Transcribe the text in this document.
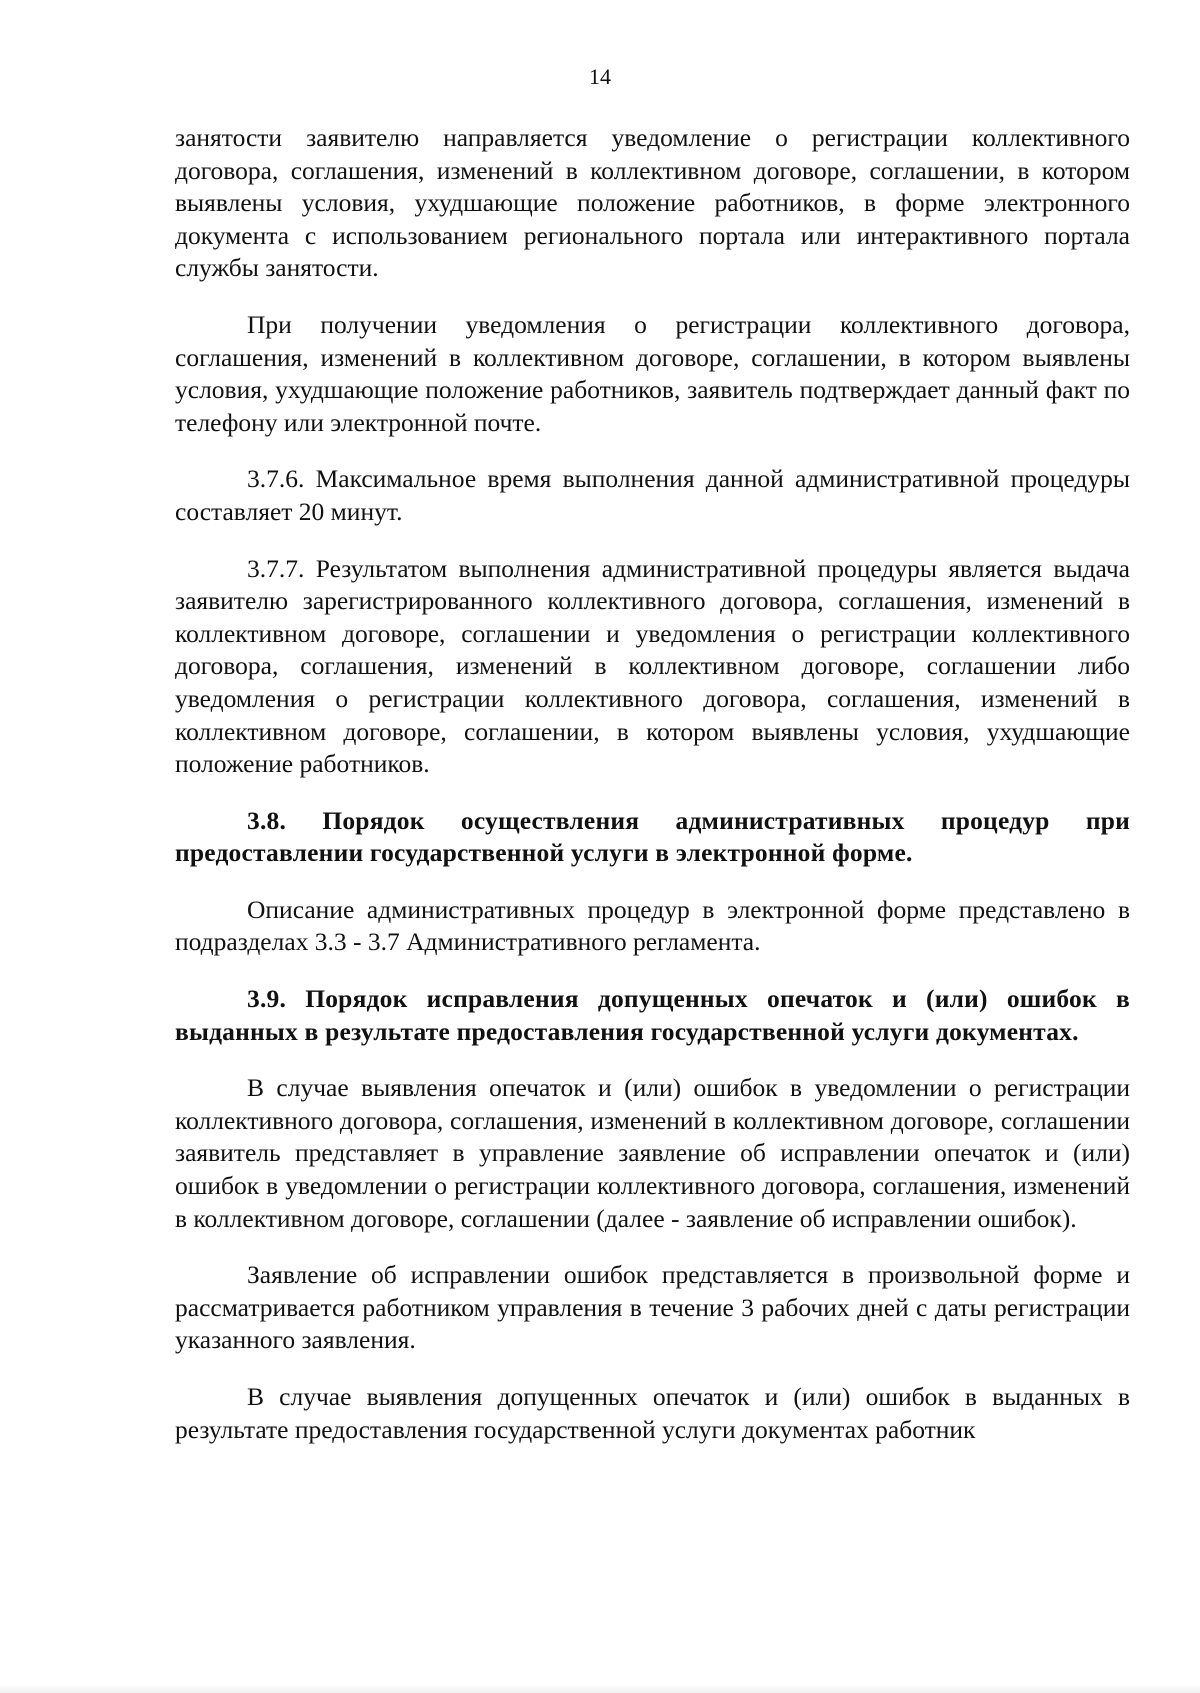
14

занятости заявителю направляется уведомление о регистрации коллективного договора, соглашения, изменений в коллективном договоре, соглашении, в котором выявлены условия, ухудшающие положение работников, в форме электронного документа с использованием регионального портала или интерактивного портала службы занятости.

При получении уведомления о регистрации коллективного договора, соглашения, изменений в коллективном договоре, соглашении, в котором выявлены условия, ухудшающие положение работников, заявитель подтверждает данный факт по телефону или электронной почте.

3.7.6. Максимальное время выполнения данной административной процедуры составляет 20 минут.

3.7.7. Результатом выполнения административной процедуры является выдача заявителю зарегистрированного коллективного договора, соглашения, изменений в коллективном договоре, соглашении и уведомления о регистрации коллективного договора, соглашения, изменений в коллективном договоре, соглашении либо уведомления о регистрации коллективного договора, соглашения, изменений в коллективном договоре, соглашении, в котором выявлены условия, ухудшающие положение работников.

3.8. Порядок осуществления административных процедур при предоставлении государственной услуги в электронной форме.

Описание административных процедур в электронной форме представлено в подразделах 3.3 - 3.7 Административного регламента.

3.9. Порядок исправления допущенных опечаток и (или) ошибок в выданных в результате предоставления государственной услуги документах.

В случае выявления опечаток и (или) ошибок в уведомлении о регистрации коллективного договора, соглашения, изменений в коллективном договоре, соглашении заявитель представляет в управление заявление об исправлении опечаток и (или) ошибок в уведомлении о регистрации коллективного договора, соглашения, изменений в коллективном договоре, соглашении (далее - заявление об исправлении ошибок).

Заявление об исправлении ошибок представляется в произвольной форме и рассматривается работником управления в течение 3 рабочих дней с даты регистрации указанного заявления.

В случае выявления допущенных опечаток и (или) ошибок в выданных в результате предоставления государственной услуги документах работник
